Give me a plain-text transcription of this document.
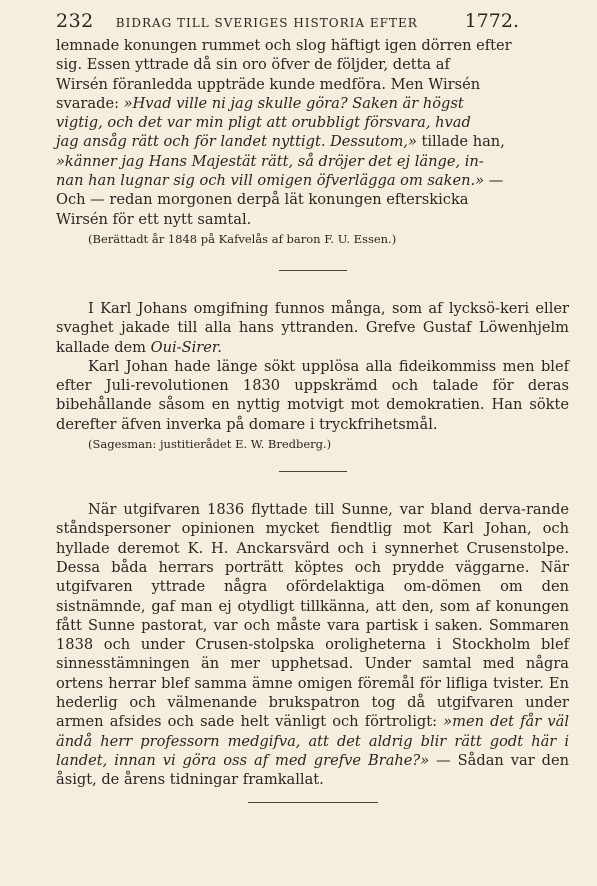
232 BIDRAG TILL SVERIGES HISTORIA EFTER	1772.
lemnade konungen rummet och slog häftigt igen dörren efter
sig. Essen yttrade då sin oro öfver de följder, detta af
Wirsén föranledda uppträde kunde medföra. Men Wirsén
svarade: »Hvad ville ni jag skulle göra? Saken är högst
vigtig, och det var min pligt att orubbligt försvara, hvad
jag ansåg rätt och för landet nyttigt. Dessutom,» tillade han,
»känner jag Hans Majestät rätt, så dröjer det ej länge, in-
nan han lugnar sig och vill omigen öfverlägga om saken.» —
Och — redan morgonen derpå lät konungen efterskicka
Wirsén för ett nytt samtal.
(Berättadt år 1848 på Kafvelås af baron F. U. Essen.)

I Karl Johans omgifning funnos många, som af lycksö-keri eller svaghet jakade till alla hans yttranden. Grefve Gustaf Löwenhjelm kallade dem Oui-Sirer.

Karl Johan hade länge sökt upplösa alla fideikommiss men blef efter Juli-revolutionen 1830 uppskrämd och talade för deras bibehållande såsom en nyttig motvigt mot demokratien. Han sökte derefter äfven inverka på domare i tryckfrihetsmål.

(Sagesman: justitierådet E. W. Bredberg.)

När utgifvaren 1836 flyttade till Sunne, var bland derva-rande ståndspersoner opinionen mycket fiendtlig mot Karl Johan, och hyllade deremot K. H. Anckarsvärd och i synnerhet Crusenstolpe. Dessa båda herrars porträtt köptes och prydde väggarne. När utgifvaren yttrade några ofördelaktiga om-dömen om den sistnämnde, gaf man ej otydligt tillkänna, att den, som af konungen fått Sunne pastorat, var och måste vara partisk i saken. Sommaren 1838 och under Crusen-stolpska oroligheterna i Stockholm blef sinnesstämningen än mer upphetsad. Under samtal med några ortens herrar blef samma ämne omigen föremål för lifliga tvister. En hederlig och välmenande brukspatron tog då utgifvaren under armen afsides och sade helt vänligt och förtroligt: »men det får väl ändå herr professorn medgifva, att det aldrig blir rätt godt här i landet, innan vi göra oss af med grefve Brahe?» — Sådan var den åsigt, de årens tidningar framkallat.
